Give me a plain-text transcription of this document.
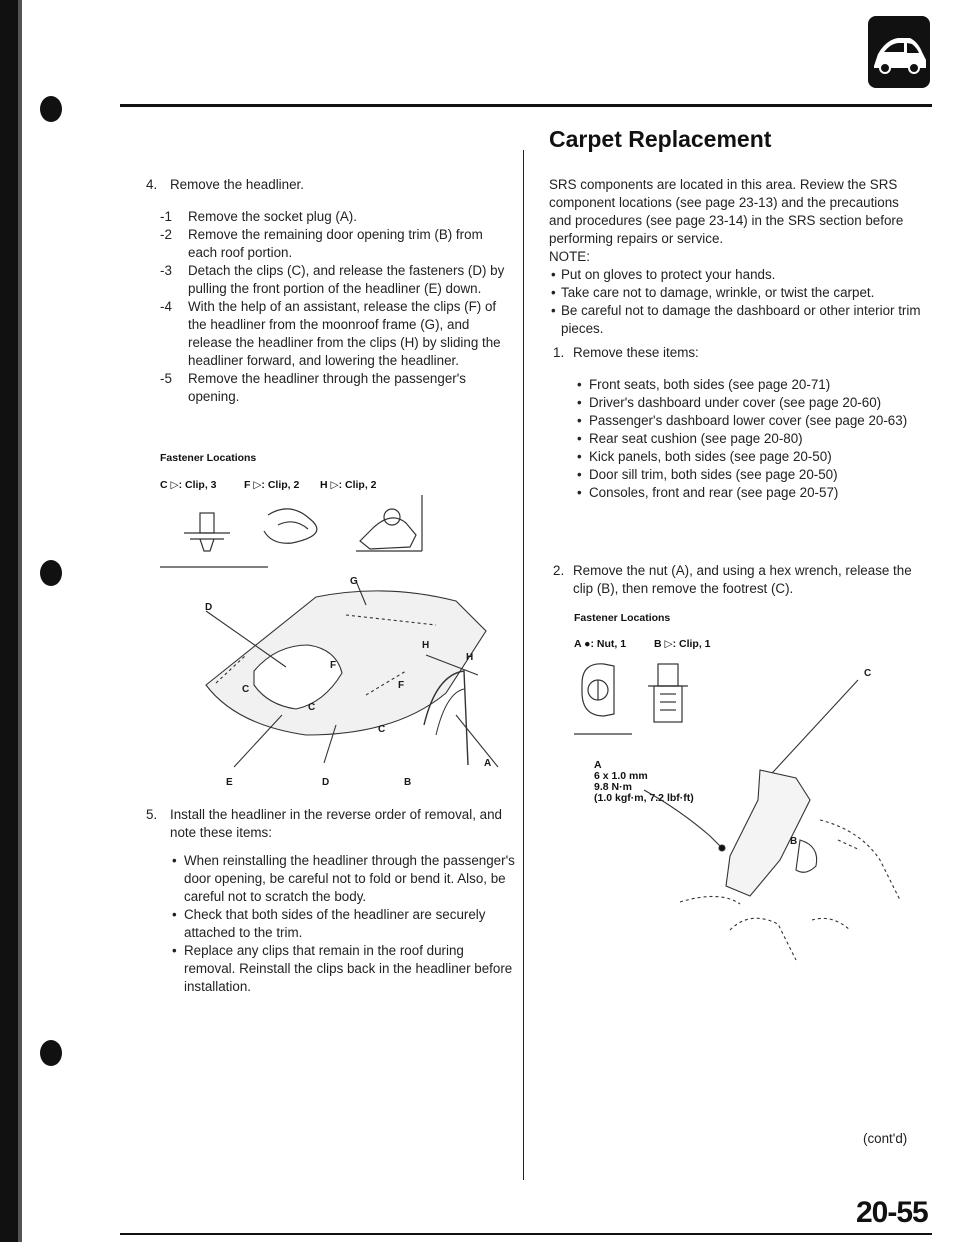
Carpet Replacement
4. Remove the headliner.
-1 Remove the socket plug (A).
-2 Remove the remaining door opening trim (B) from each roof portion.
-3 Detach the clips (C), and release the fasteners (D) by pulling the front portion of the headliner (E) down.
-4 With the help of an assistant, release the clips (F) of the headliner from the moonroof frame (G), and release the headliner from the clips (H) by sliding the headliner forward, and lowering the headliner.
-5 Remove the headliner through the passenger's opening.
Fastener Locations
C ▷: Clip, 3	F ▷: Clip, 2 H ▷: Clip, 2
G
D
H
H
F
F
C
C
C
A
E	D	B
5. Install the headliner in the reverse order of removal, and note these items:
• When reinstalling the headliner through the passenger's door opening, be careful not to fold or bend it. Also, be careful not to scratch the body.
• Check that both sides of the headliner are securely attached to the trim.
• Replace any clips that remain in the roof during removal. Reinstall the clips back in the headliner before installation.
SRS components are located in this area. Review the SRS component locations (see page 23-13) and the precautions and procedures (see page 23-14) in the SRS section before performing repairs or service.
NOTE:
• Put on gloves to protect your hands.
• Take care not to damage, wrinkle, or twist the carpet.
• Be careful not to damage the dashboard or other interior trim pieces.
1. Remove these items:
• Front seats, both sides (see page 20-71)
• Driver's dashboard under cover (see page 20-60)
• Passenger's dashboard lower cover (see page 20-63)
• Rear seat cushion (see page 20-80)
• Kick panels, both sides (see page 20-50)
• Door sill trim, both sides (see page 20-50)
• Consoles, front and rear (see page 20-57)
2. Remove the nut (A), and using a hex wrench, release the clip (B), then remove the footrest (C).
Fastener Locations
A ●: Nut, 1	B ▷: Clip, 1
A
6 x 1.0 mm
9.8 N·m
(1.0 kgf·m, 7.2 lbf·ft)
C
B
(cont'd)
20-55
